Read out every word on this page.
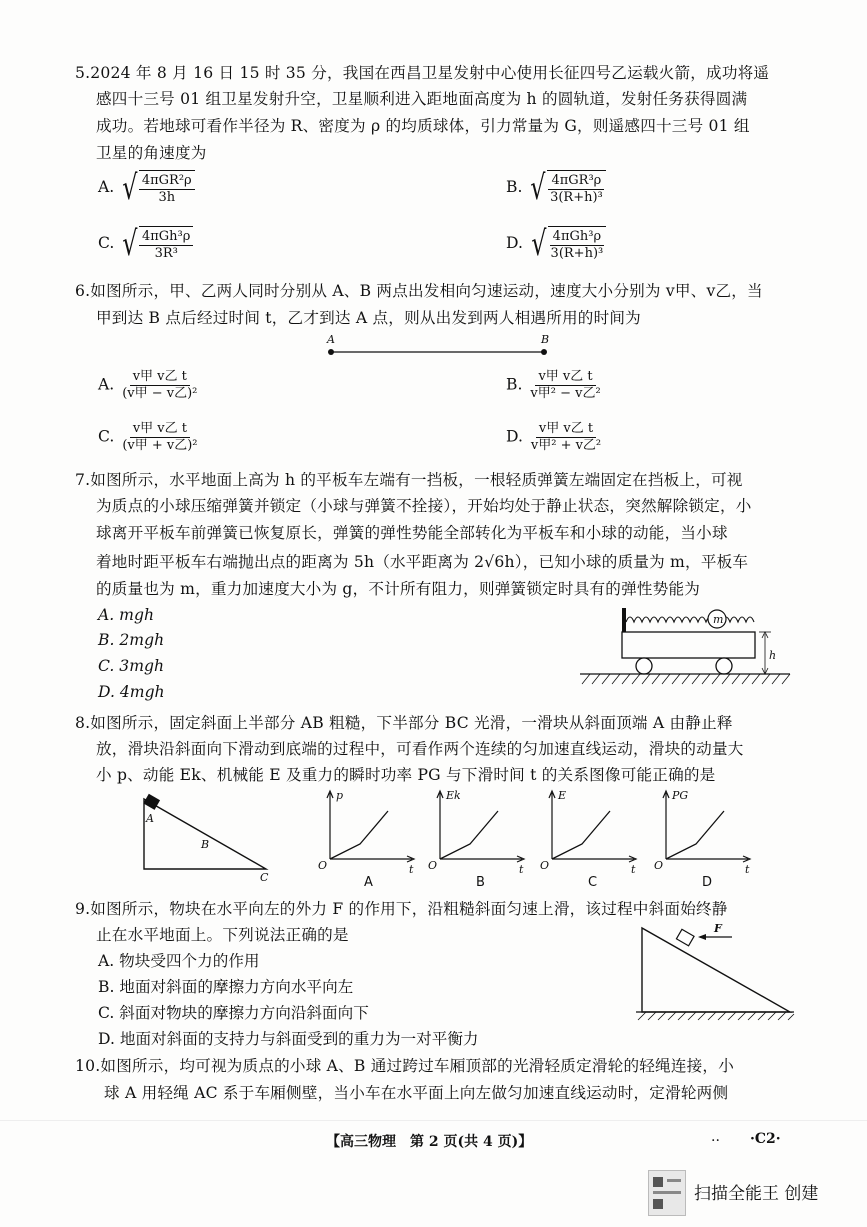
5.2024 年 8 月 16 日 15 时 35 分，我国在西昌卫星发射中心使用长征四号乙运载火箭，成功将遥
感四十三号 01 组卫星发射升空，卫星顺利进入距地面高度为 h 的圆轨道，发射任务获得圆满
成功。若地球可看作半径为 R、密度为 ρ 的均质球体，引力常量为 G，则遥感四十三号 01 组
卫星的角速度为
A. √ $\frac{\text{4πGR²ρ}}{3h}$	B. √ $\frac{\text{4πGR³ρ}}{\text{3(R+h)³}}$
C. √ $\frac{\text{4πGh³ρ}}{\text{3R³}}$	D. √ $\frac{\text{4πGh³ρ}}{\text{3(R+h)³}}$
6.如图所示，甲、乙两人同时分别从 A、B 两点出发相向匀速运动，速度大小分别为 v甲、v乙，当
甲到达 B 点后经过时间 t，乙才到达 A 点，则从出发到两人相遇所用的时间为
A	B
A. $\frac{\text{v甲 v乙 t}}{\text{(v甲 − v乙)²}}$	B. $\frac{\text{v甲 v乙 t}}{\text{v甲² − v乙²}}$
C. $\frac{\text{v甲 v乙 t}}{\text{(v甲 + v乙)²}}$	D. $\frac{\text{v甲 v乙 t}}{\text{v甲² + v乙²}}$
7.如图所示，水平地面上高为 h 的平板车左端有一挡板，一根轻质弹簧左端固定在挡板上，可视
为质点的小球压缩弹簧并锁定（小球与弹簧不拴接），开始均处于静止状态，突然解除锁定，小
球离开平板车前弹簧已恢复原长，弹簧的弹性势能全部转化为平板车和小球的动能，当小球
着地时距平板车右端抛出点的距离为 5h（水平距离为 2√6h），已知小球的质量为 m，平板车
的质量也为 m，重力加速度大小为 g，不计所有阻力，则弹簧锁定时具有的弹性势能为
A. mgh
B. 2mgh
C. 3mgh
D. 4mgh
m
h
8.如图所示，固定斜面上半部分 AB 粗糙，下半部分 BC 光滑，一滑块从斜面顶端 A 由静止释
放，滑块沿斜面向下滑动到底端的过程中，可看作两个连续的匀加速直线运动，滑块的动量大
小 p、动能 Ek、机械能 E 及重力的瞬时功率 PG 与下滑时间 t 的关系图像可能正确的是
A
B
C
p
t
O
Ek
t
O
E
t
O
PG
t
O
A	B	C	D
9.如图所示，物块在水平向左的外力 F 的作用下，沿粗糙斜面匀速上滑，该过程中斜面始终静
止在水平地面上。下列说法正确的是
A. 物块受四个力的作用
B. 地面对斜面的摩擦力方向水平向左
C. 斜面对物块的摩擦力方向沿斜面向下
D. 地面对斜面的支持力与斜面受到的重力为一对平衡力
F
10.如图所示，均可视为质点的小球 A、B 通过跨过车厢顶部的光滑轻质定滑轮的轻绳连接，小
球 A 用轻绳 AC 系于车厢侧壁，当小车在水平面上向左做匀加速直线运动时，定滑轮两侧
【高三物理　第 2 页(共 4 页)】	.. ·C2·
扫描全能王 创建
